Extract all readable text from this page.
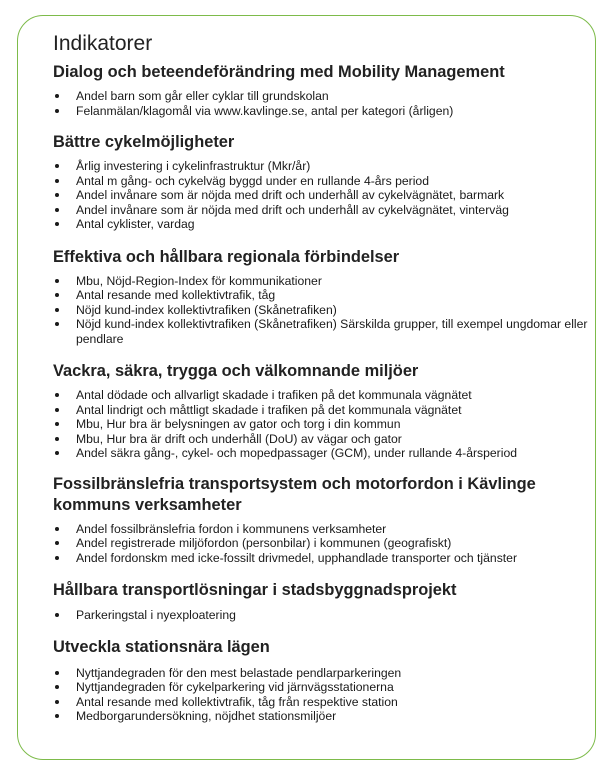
Indikatorer
Dialog och beteendeförändring med Mobility Management
Andel barn som går eller cyklar till grundskolan
Felanmälan/klagomål via www.kavlinge.se, antal per kategori (årligen)
Bättre cykelmöjligheter
Årlig investering i cykelinfrastruktur (Mkr/år)
Antal m gång- och cykelväg byggd under en rullande 4-års period
Andel invånare som är nöjda med drift och underhåll av cykelvägnätet, barmark
Andel invånare som är nöjda med drift och underhåll av cykelvägnätet, vinterväg
Antal cyklister, vardag
Effektiva och hållbara regionala förbindelser
Mbu, Nöjd-Region-Index för kommunikationer
Antal resande med kollektivtrafik, tåg
Nöjd kund-index kollektivtrafiken (Skånetrafiken)
Nöjd kund-index kollektivtrafiken (Skånetrafiken) Särskilda grupper, till exempel ungdomar eller pendlare
Vackra, säkra, trygga och välkomnande miljöer
Antal dödade och allvarligt skadade i trafiken på det kommunala vägnätet
Antal lindrigt och måttligt skadade i trafiken på det kommunala vägnätet
Mbu, Hur bra är belysningen av gator och torg i din kommun
Mbu, Hur bra är drift och underhåll (DoU) av vägar och gator
Andel säkra gång-, cykel- och mopedpassager (GCM), under rullande 4-årsperiod
Fossilbränslefria transportsystem och motorfordon i Kävlinge kommuns verksamheter
Andel fossilbränslefria fordon i kommunens verksamheter
Andel registrerade miljöfordon (personbilar) i kommunen (geografiskt)
Andel fordonskm med icke-fossilt drivmedel, upphandlade transporter och tjänster
Hållbara transportlösningar i stadsbyggnadsprojekt
Parkeringstal i nyexploatering
Utveckla stationsnära lägen
Nyttjandegraden för den mest belastade pendlarparkeringen
Nyttjandegraden för cykelparkering vid järnvägsstationerna
Antal resande med kollektivtrafik, tåg från respektive station
Medborgarundersökning, nöjdhet stationsmiljöer
